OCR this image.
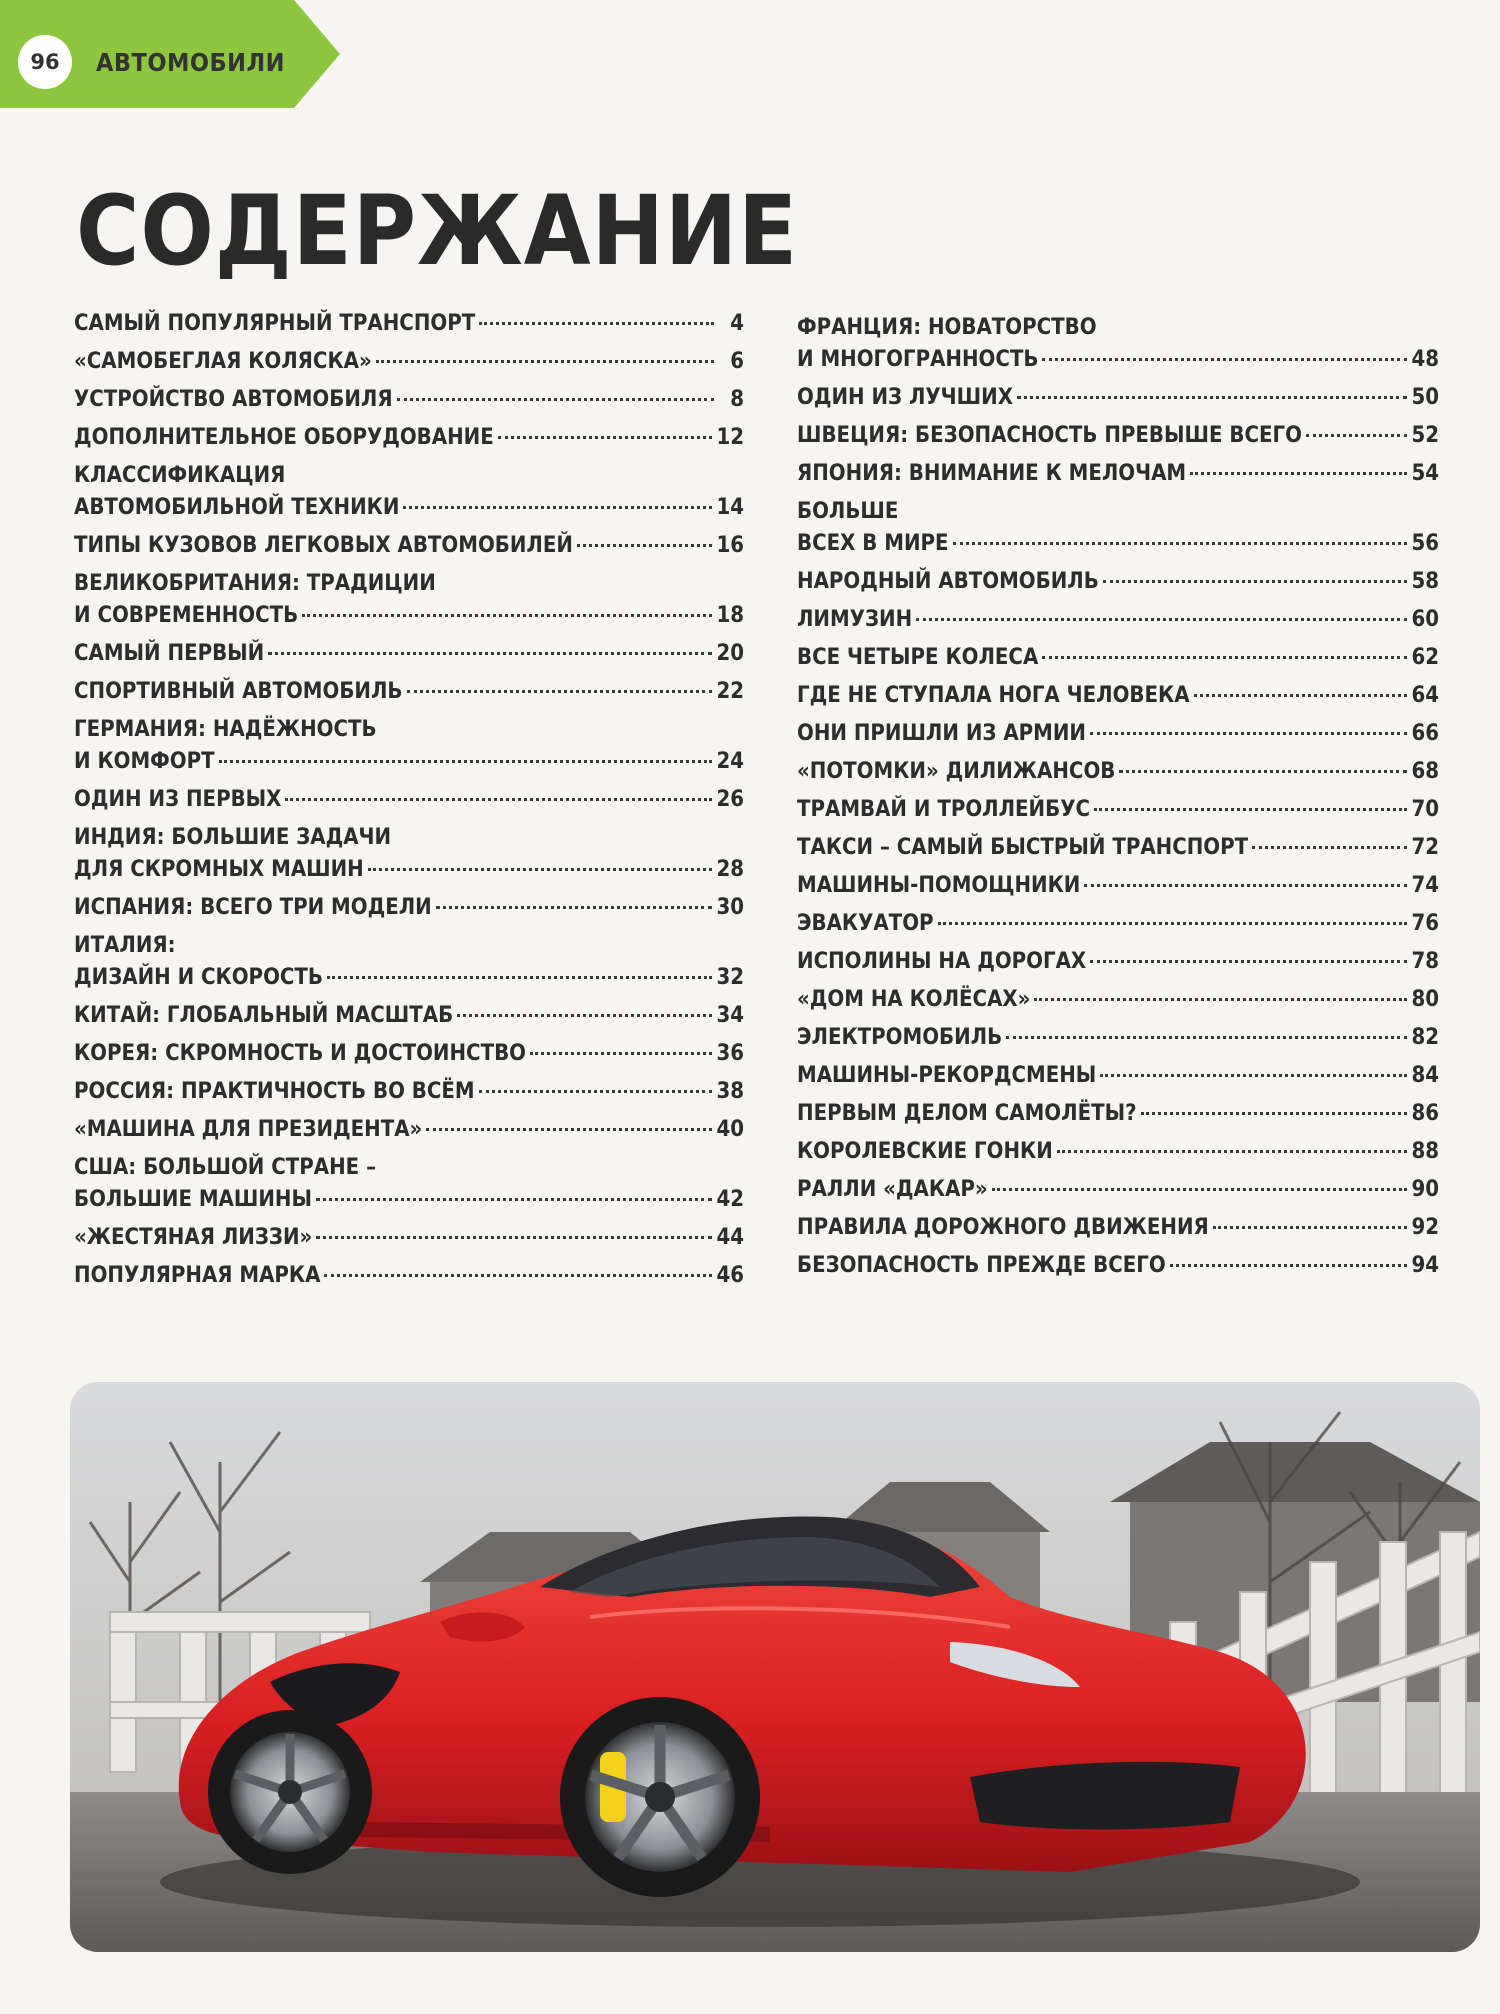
96	АВТОМОБИЛИ
СОДЕРЖАНИЕ
САМЫЙ ПОПУЛЯРНЫЙ ТРАНСПОРТ	4
«САМОБЕГЛАЯ КОЛЯСКА»	6
УСТРОЙСТВО АВТОМОБИЛЯ	8
ДОПОЛНИТЕЛЬНОЕ ОБОРУДОВАНИЕ	12
КЛАССИФИКАЦИЯ
АВТОМОБИЛЬНОЙ ТЕХНИКИ	14
ТИПЫ КУЗОВОВ ЛЕГКОВЫХ АВТОМОБИЛЕЙ	16
ВЕЛИКОБРИТАНИЯ: ТРАДИЦИИ
И СОВРЕМЕННОСТЬ	18
САМЫЙ ПЕРВЫЙ	20
СПОРТИВНЫЙ АВТОМОБИЛЬ	22
ГЕРМАНИЯ: НАДЁЖНОСТЬ
И КОМФОРТ	24
ОДИН ИЗ ПЕРВЫХ	26
ИНДИЯ: БОЛЬШИЕ ЗАДАЧИ
ДЛЯ СКРОМНЫХ МАШИН	28
ИСПАНИЯ: ВСЕГО ТРИ МОДЕЛИ	30
ИТАЛИЯ:
ДИЗАЙН И СКОРОСТЬ	32
КИТАЙ: ГЛОБАЛЬНЫЙ МАСШТАБ	34
КОРЕЯ: СКРОМНОСТЬ И ДОСТОИНСТВО	36
РОССИЯ: ПРАКТИЧНОСТЬ ВО ВСЁМ	38
«МАШИНА ДЛЯ ПРЕЗИДЕНТА»	40
США: БОЛЬШОЙ СТРАНЕ –
БОЛЬШИЕ МАШИНЫ	42
«ЖЕСТЯНАЯ ЛИЗЗИ»	44
ПОПУЛЯРНАЯ МАРКА	46
ФРАНЦИЯ: НОВАТОРСТВО
И МНОГОГРАННОСТЬ	48
ОДИН ИЗ ЛУЧШИХ	50
ШВЕЦИЯ: БЕЗОПАСНОСТЬ ПРЕВЫШЕ ВСЕГО	52
ЯПОНИЯ: ВНИМАНИЕ К МЕЛОЧАМ	54
БОЛЬШЕ
ВСЕХ В МИРЕ	56
НАРОДНЫЙ АВТОМОБИЛЬ	58
ЛИМУЗИН	60
ВСЕ ЧЕТЫРЕ КОЛЕСА	62
ГДЕ НЕ СТУПАЛА НОГА ЧЕЛОВЕКА	64
ОНИ ПРИШЛИ ИЗ АРМИИ	66
«ПОТОМКИ» ДИЛИЖАНСОВ	68
ТРАМВАЙ И ТРОЛЛЕЙБУС	70
ТАКСИ – САМЫЙ БЫСТРЫЙ ТРАНСПОРТ	72
МАШИНЫ-ПОМОЩНИКИ	74
ЭВАКУАТОР	76
ИСПОЛИНЫ НА ДОРОГАХ	78
«ДОМ НА КОЛЁСАХ»	80
ЭЛЕКТРОМОБИЛЬ	82
МАШИНЫ-РЕКОРДСМЕНЫ	84
ПЕРВЫМ ДЕЛОМ САМОЛЁТЫ?	86
КОРОЛЕВСКИЕ ГОНКИ	88
РАЛЛИ «ДАКАР»	90
ПРАВИЛА ДОРОЖНОГО ДВИЖЕНИЯ	92
БЕЗОПАСНОСТЬ ПРЕЖДЕ ВСЕГО	94
